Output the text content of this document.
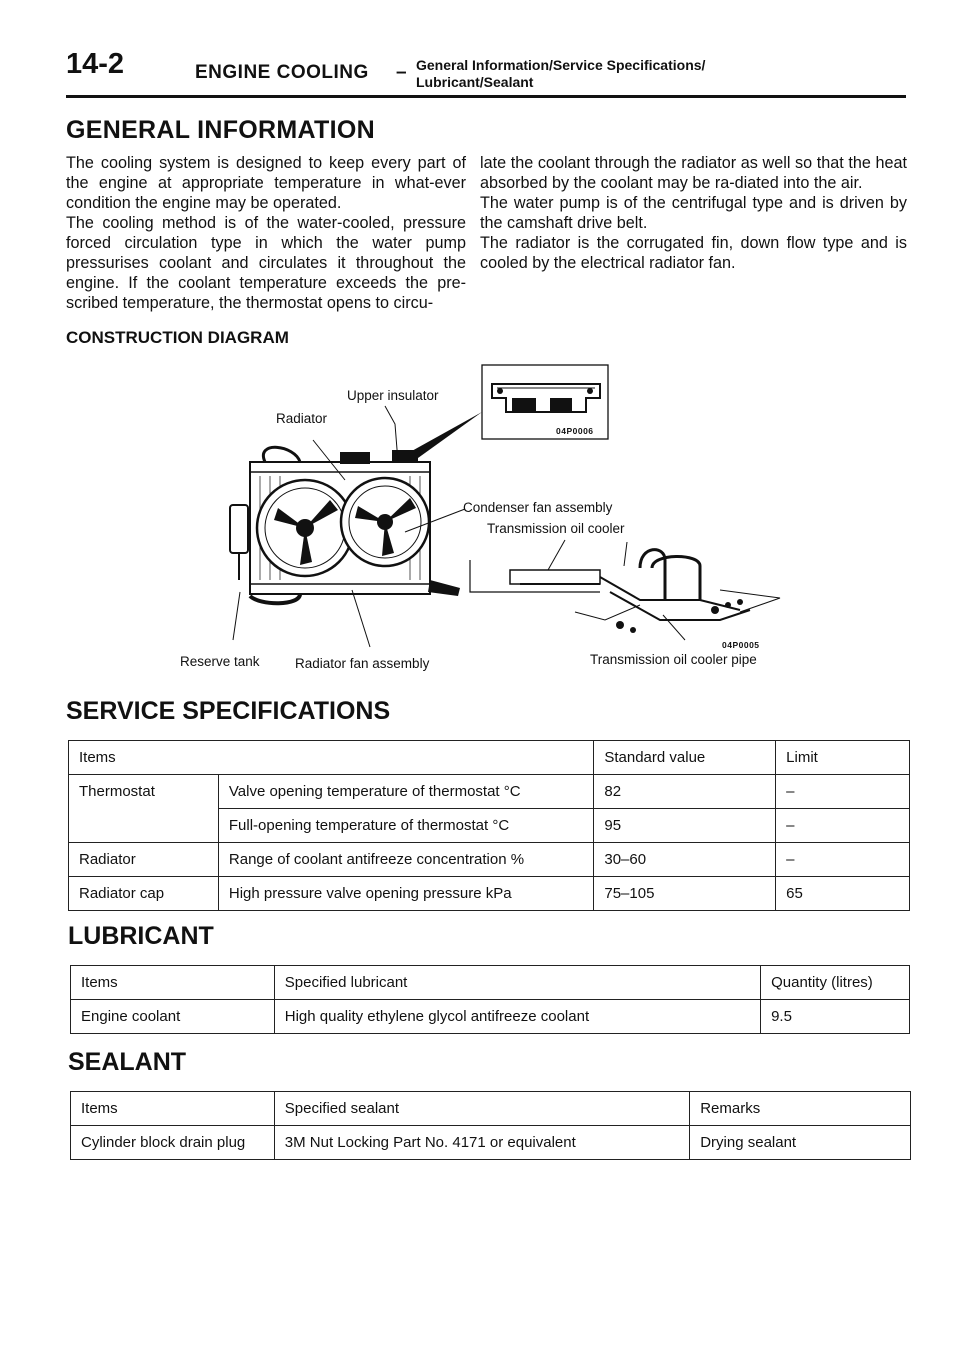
14-2	ENGINE COOLING – General Information/Service Specifications/
Lubricant/Sealant
GENERAL INFORMATION

The cooling system is designed to keep every part of the engine at appropriate temperature in what-ever condition the engine may be operated.

The cooling method is of the water-cooled, pressure forced circulation type in which the water pump pressurises coolant and circulates it throughout the engine. If the coolant temperature exceeds the pre-scribed temperature, the thermostat opens to circu-

late the coolant through the radiator as well so that the heat absorbed by the coolant may be ra-diated into the air.

The water pump is of the centrifugal type and is driven by the camshaft drive belt.

The radiator is the corrugated fin, down flow type and is cooled by the electrical radiator fan.

CONSTRUCTION DIAGRAM
Upper insulator
Radiator
04P0006
Condenser fan assembly
Transmission oil cooler
Reserve tank	Radiator fan assembly
04P0005
Transmission oil cooler pipe
SERVICE SPECIFICATIONS
Items		Standard value	Limit
Thermostat	Valve opening temperature of thermostat °C	82	–
	Full-opening temperature of thermostat °C	95	–
Radiator	Range of coolant antifreeze concentration %	30–60	–
Radiator cap	High pressure valve opening pressure kPa	75–105	65
LUBRICANT
Items	Specified lubricant	Quantity (litres)
Engine coolant	High quality ethylene glycol antifreeze coolant	9.5
SEALANT
Items	Specified sealant	Remarks
Cylinder block drain plug	3M Nut Locking Part No. 4171 or equivalent	Drying sealant
